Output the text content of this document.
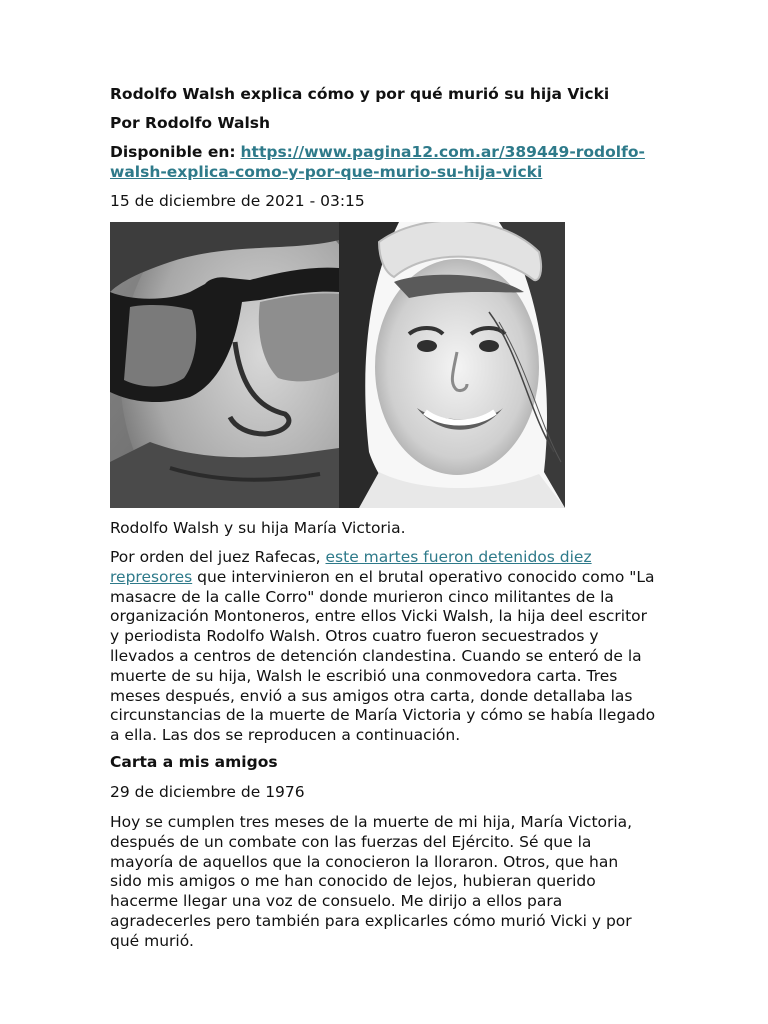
Rodolfo Walsh explica cómo y por qué murió su hija Vicki

Por Rodolfo Walsh

Disponible en: https://www.pagina12.com.ar/389449-rodolfo-walsh-explica-como-y-por-que-murio-su-hija-vicki

15 de diciembre de 2021 - 03:15

Rodolfo Walsh y su hija María Victoria.

Por orden del juez Rafecas, este martes fueron detenidos diez represores que intervinieron en el brutal operativo conocido como "La masacre de la calle Corro" donde murieron cinco militantes de la organización Montoneros, entre ellos Vicki Walsh, la hija deel escritor y periodista Rodolfo Walsh. Otros cuatro fueron secuestrados y llevados a centros de detención clandestina. Cuando se enteró de la muerte de su hija, Walsh le escribió una conmovedora carta. Tres meses después, envió a sus amigos otra carta, donde detallaba las circunstancias de la muerte de María Victoria y cómo se había llegado a ella. Las dos se reproducen a continuación.

Carta a mis amigos

29 de diciembre de 1976

Hoy se cumplen tres meses de la muerte de mi hija, María Victoria, después de un combate con las fuerzas del Ejército. Sé que la mayoría de aquellos que la conocieron la lloraron. Otros, que han sido mis amigos o me han conocido de lejos, hubieran querido hacerme llegar una voz de consuelo. Me dirijo a ellos para agradecerles pero también para explicarles cómo murió Vicki y por qué murió.
